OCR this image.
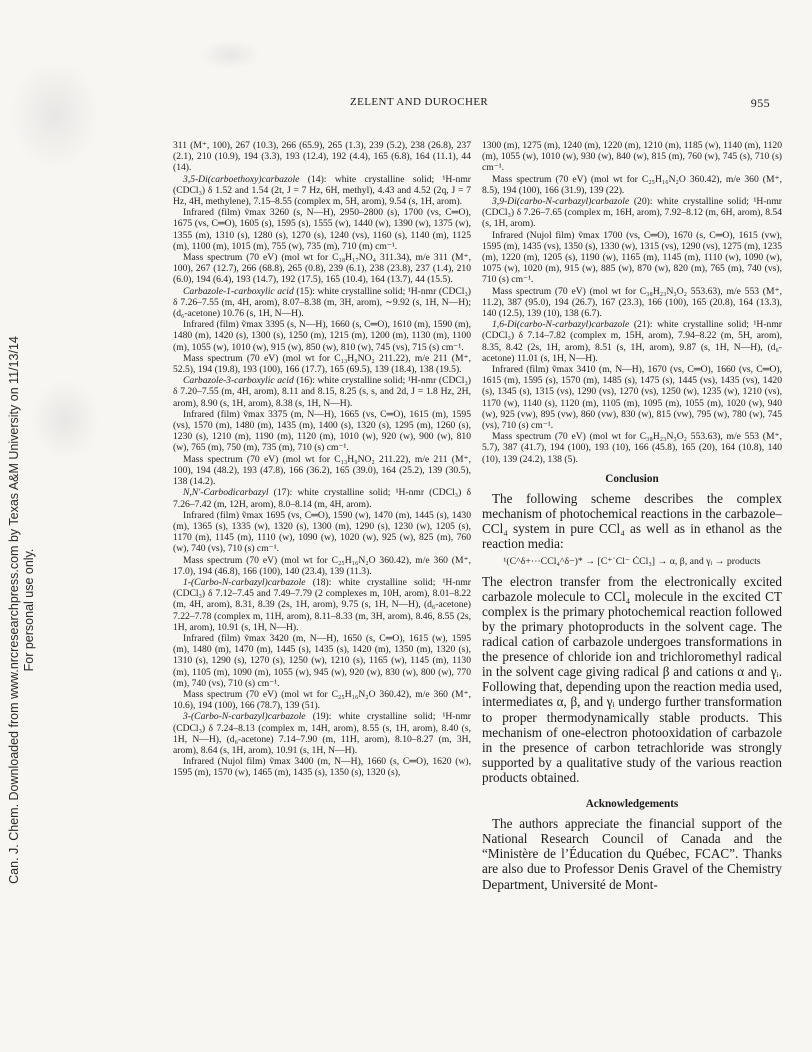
Can. J. Chem. Downloaded from www.nrcresearchpress.com by Texas A&M University on 11/13/14 For personal use only.
ZELENT AND DUROCHER	955

311 (M⁺, 100), 267 (10.3), 266 (65.9), 265 (1.3), 239 (5.2), 238 (26.8), 237 (2.1), 210 (10.9), 194 (3.3), 193 (12.4), 192 (4.4), 165 (6.8), 164 (11.1), 44 (14).

3,5-Di(carboethoxy)carbazole (14): white crystalline solid; ¹H-nmr (CDCl₃) δ 1.52 and 1.54 (2t, J = 7 Hz, 6H, methyl), 4.43 and 4.52 (2q, J = 7 Hz, 4H, methylene), 7.15–8.55 (complex m, 5H, arom), 9.54 (s, 1H, arom).

Infrared (film) ṽmax 3260 (s, N—H), 2950–2800 (s), 1700 (vs, C═O), 1675 (vs, C═O), 1605 (s), 1595 (s), 1555 (w), 1440 (w), 1390 (w), 1375 (w), 1355 (m), 1310 (s), 1280 (s), 1270 (s), 1240 (vs), 1160 (s), 1140 (m), 1125 (m), 1100 (m), 1015 (m), 755 (w), 735 (m), 710 (m) cm⁻¹.

Mass spectrum (70 eV) (mol wt for C₁₈H₁₇NO₄ 311.34), m/e 311 (M⁺, 100), 267 (12.7), 266 (68.8), 265 (0.8), 239 (6.1), 238 (23.8), 237 (1.4), 210 (6.0), 194 (6.4), 193 (14.7), 192 (17.5), 165 (10.4), 164 (13.7), 44 (15.5).

Carbazole-1-carboxylic acid (15): white crystalline solid; ¹H-nmr (CDCl₃) δ 7.26–7.55 (m, 4H, arom), 8.07–8.38 (m, 3H, arom), ∼9.92 (s, 1H, N—H); (d₆-acetone) 10.76 (s, 1H, N—H).

Infrared (film) ṽmax 3395 (s, N—H), 1660 (s, C═O), 1610 (m), 1590 (m), 1480 (m), 1420 (s), 1300 (s), 1250 (m), 1215 (m), 1200 (m), 1130 (m), 1100 (m), 1055 (w), 1010 (w), 915 (w), 850 (w), 810 (w), 745 (vs), 715 (s) cm⁻¹.

Mass spectrum (70 eV) (mol wt for C₁₃H₉NO₂ 211.22), m/e 211 (M⁺, 52.5), 194 (19.8), 193 (100), 166 (17.7), 165 (69.5), 139 (18.4), 138 (19.5).

Carbazole-3-carboxylic acid (16): white crystalline solid; ¹H-nmr (CDCl₃) δ 7.20–7.55 (m, 4H, arom), 8.11 and 8.15, 8.25 (s, s, and 2d, J = 1.8 Hz, 2H, arom), 8.90 (s, 1H, arom), 8.38 (s, 1H, N—H).

Infrared (film) ṽmax 3375 (m, N—H), 1665 (vs, C═O), 1615 (m), 1595 (vs), 1570 (m), 1480 (m), 1435 (m), 1400 (s), 1320 (s), 1295 (m), 1260 (s), 1230 (s), 1210 (m), 1190 (m), 1120 (m), 1010 (w), 920 (w), 900 (w), 810 (w), 765 (m), 750 (m), 735 (m), 710 (s) cm⁻¹.

Mass spectrum (70 eV) (mol wt for C₁₃H₉NO₂ 211.22), m/e 211 (M⁺, 100), 194 (48.2), 193 (47.8), 166 (36.2), 165 (39.0), 164 (25.2), 139 (30.5), 138 (14.2).

N,N′-Carbodicarbazyl (17): white crystalline solid; ¹H-nmr (CDCl₃) δ 7.26–7.42 (m, 12H, arom), 8.0–8.14 (m, 4H, arom).

Infrared (film) ṽmax 1695 (vs, C═O), 1590 (w), 1470 (m), 1445 (s), 1430 (m), 1365 (s), 1335 (w), 1320 (s), 1300 (m), 1290 (s), 1230 (w), 1205 (s), 1170 (m), 1145 (m), 1110 (w), 1090 (w), 1020 (w), 925 (w), 825 (m), 760 (w), 740 (vs), 710 (s) cm⁻¹.

Mass spectrum (70 eV) (mol wt for C₂₅H₁₆N₂O 360.42), m/e 360 (M⁺, 17.0), 194 (46.8), 166 (100), 140 (23.4), 139 (11.3).

1-(Carbo-N-carbazyl)carbazole (18): white crystalline solid; ¹H-nmr (CDCl₃) δ 7.12–7.45 and 7.49–7.79 (2 complexes m, 10H, arom), 8.01–8.22 (m, 4H, arom), 8.31, 8.39 (2s, 1H, arom), 9.75 (s, 1H, N—H), (d₆-acetone) 7.22–7.78 (complex m, 11H, arom), 8.11–8.33 (m, 3H, arom), 8.46, 8.55 (2s, 1H, arom), 10.91 (s, 1H, N—H).

Infrared (film) ṽmax 3420 (m, N—H), 1650 (s, C═O), 1615 (w), 1595 (m), 1480 (m), 1470 (m), 1445 (s), 1435 (s), 1420 (m), 1350 (m), 1320 (s), 1310 (s), 1290 (s), 1270 (s), 1250 (w), 1210 (s), 1165 (w), 1145 (m), 1130 (m), 1105 (m), 1090 (m), 1055 (w), 945 (w), 920 (w), 830 (w), 800 (w), 770 (m), 740 (vs), 710 (s) cm⁻¹.

Mass spectrum (70 eV) (mol wt for C₂₅H₁₆N₂O 360.42), m/e 360 (M⁺, 10.6), 194 (100), 166 (78.7), 139 (51).

3-(Carbo-N-carbazyl)carbazole (19): white crystalline solid; ¹H-nmr (CDCl₃) δ 7.24–8.13 (complex m, 14H, arom), 8.55 (s, 1H, arom), 8.40 (s, 1H, N—H), (d₆-acetone) 7.14–7.90 (m, 11H, arom), 8.10–8.27 (m, 3H, arom), 8.64 (s, 1H, arom), 10.91 (s, 1H, N—H).

Infrared (Nujol film) ṽmax 3400 (m, N—H), 1660 (s, C═O), 1620 (w), 1595 (m), 1570 (w), 1465 (m), 1435 (s), 1350 (s), 1320 (s),

1300 (m), 1275 (m), 1240 (m), 1220 (m), 1210 (m), 1185 (w), 1140 (m), 1120 (m), 1055 (w), 1010 (w), 930 (w), 840 (w), 815 (m), 760 (w), 745 (s), 710 (s) cm⁻¹.

Mass spectrum (70 eV) (mol wt for C₂₅H₁₆N₂O 360.42), m/e 360 (M⁺, 8.5), 194 (100), 166 (31.9), 139 (22).

3,9-Di(carbo-N-carbazyl)carbazole (20): white crystalline solid; ¹H-nmr (CDCl₃) δ 7.26–7.65 (complex m, 16H, arom), 7.92–8.12 (m, 6H, arom), 8.54 (s, 1H, arom).

Infrared (Nujol film) ṽmax 1700 (vs, C═O), 1670 (s, C═O), 1615 (vw), 1595 (m), 1435 (vs), 1350 (s), 1330 (w), 1315 (vs), 1290 (vs), 1275 (m), 1235 (m), 1220 (m), 1205 (s), 1190 (w), 1165 (m), 1145 (m), 1110 (w), 1090 (w), 1075 (w), 1020 (m), 915 (w), 885 (w), 870 (w), 820 (m), 765 (m), 740 (vs), 710 (s) cm⁻¹.

Mass spectrum (70 eV) (mol wt for C₃₈H₂₃N₃O₂ 553.63), m/e 553 (M⁺, 11.2), 387 (95.0), 194 (26.7), 167 (23.3), 166 (100), 165 (20.8), 164 (13.3), 140 (12.5), 139 (10), 138 (6.7).

1,6-Di(carbo-N-carbazyl)carbazole (21): white crystalline solid; ¹H-nmr (CDCl₃) δ 7.14–7.82 (complex m, 15H, arom), 7.94–8.22 (m, 5H, arom), 8.35, 8.42 (2s, 1H, arom), 8.51 (s, 1H, arom), 9.87 (s, 1H, N—H), (d₆-acetone) 11.01 (s, 1H, N—H).

Infrared (film) ṽmax 3410 (m, N—H), 1670 (vs, C═O), 1660 (vs, C═O), 1615 (m), 1595 (s), 1570 (m), 1485 (s), 1475 (s), 1445 (vs), 1435 (vs), 1420 (s), 1345 (s), 1315 (vs), 1290 (vs), 1270 (vs), 1250 (w), 1235 (w), 1210 (vs), 1170 (w), 1140 (s), 1120 (m), 1105 (m), 1095 (m), 1055 (m), 1020 (w), 940 (w), 925 (vw), 895 (vw), 860 (vw), 830 (w), 815 (vw), 795 (w), 780 (w), 745 (vs), 710 (s) cm⁻¹.

Mass spectrum (70 eV) (mol wt for C₃₈H₂₃N₃O₂ 553.63), m/e 553 (M⁺, 5.7), 387 (41.7), 194 (100), 193 (10), 166 (45.8), 165 (20), 164 (10.8), 140 (10), 139 (24.2), 138 (5).

Conclusion

The following scheme describes the complex mechanism of photochemical reactions in the carbazole–CCl₄ system in pure CCl₄ as well as in ethanol as the reaction media:

¹(C^δ+⋯CCl₄^δ−)* → [C⁺˙Cl⁻ ĊCl₃] → α, β, and γᵢ → products

The electron transfer from the electronically excited carbazole molecule to CCl₄ molecule in the excited CT complex is the primary photochemical reaction followed by the primary photoproducts in the solvent cage. The radical cation of carbazole undergoes transformations in the presence of chloride ion and trichloromethyl radical in the solvent cage giving radical β and cations α and γᵢ. Following that, depending upon the reaction media used, intermediates α, β, and γᵢ undergo further transformation to proper thermodynamically stable products. This mechanism of one-electron photooxidation of carbazole in the presence of carbon tetrachloride was strongly supported by a qualitative study of the various reaction products obtained.

Acknowledgements

The authors appreciate the financial support of the National Research Council of Canada and the “Ministère de l’Éducation du Québec, FCAC”. Thanks are also due to Professor Denis Gravel of the Chemistry Department, Université de Mont-
